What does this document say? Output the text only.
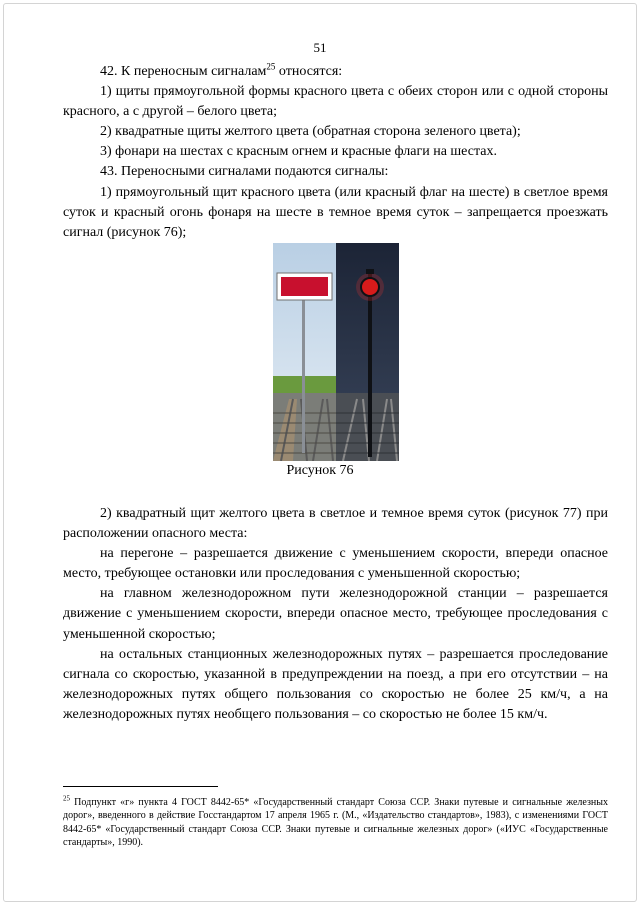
51

42. К переносным сигналам$^{25}$ относятся:

1) щиты прямоугольной формы красного цвета с обеих сторон или с одной стороны красного, а с другой – белого цвета;

2) квадратные щиты желтого цвета (обратная сторона зеленого цвета);

3) фонари на шестах с красным огнем и красные флаги на шестах.

43. Переносными сигналами подаются сигналы:

1) прямоугольный щит красного цвета (или красный флаг на шесте) в светлое время суток и красный огонь фонаря на шесте в темное время суток – запрещается проезжать сигнал (рисунок 76);

Рисунок 76

2) квадратный щит желтого цвета в светлое и темное время суток (рисунок 77) при расположении опасного места:

на перегоне – разрешается движение с уменьшением скорости, впереди опасное место, требующее остановки или проследования с уменьшенной скоростью;

на главном железнодорожном пути железнодорожной станции – разрешается движение с уменьшением скорости, впереди опасное место, требующее проследования с уменьшенной скоростью;

на остальных станционных железнодорожных путях – разрешается проследование сигнала со скоростью, указанной в предупреждении на поезд, а при его отсутствии – на железнодорожных путях общего пользования со скоростью не более 25 км/ч, а на железнодорожных путях необщего пользования – со скоростью не более 15 км/ч.

$^{25}$ Подпункт «г» пункта 4 ГОСТ 8442-65* «Государственный стандарт Союза ССР. Знаки путевые и сигнальные железных дорог», введенного в действие Госстандартом 17 апреля 1965 г. (М., «Издательство стандартов», 1983), с изменениями ГОСТ 8442-65* «Государственный стандарт Союза ССР. Знаки путевые и сигнальные железных дорог» («ИУС «Государственные стандарты», 1990).
